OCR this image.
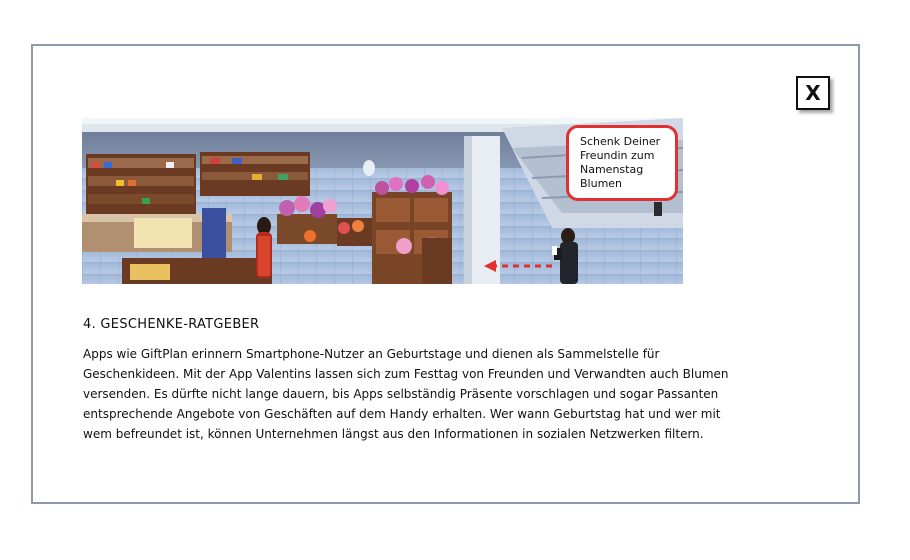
X
Schenk Deiner Freundin zum Namenstag Blumen
4. GESCHENKE-RATGEBER
Apps wie GiftPlan erinnern Smartphone-Nutzer an Geburtstage und dienen als Sammelstelle für Geschenkideen. Mit der App Valentins lassen sich zum Festtag von Freunden und Verwandten auch Blumen versenden. Es dürfte nicht lange dauern, bis Apps selbständig Präsente vorschlagen und sogar Passanten entsprechende Angebote von Geschäften auf dem Handy erhalten. Wer wann Geburtstag hat und wer mit wem befreundet ist, können Unternehmen längst aus den Informationen in sozialen Netzwerken filtern.
